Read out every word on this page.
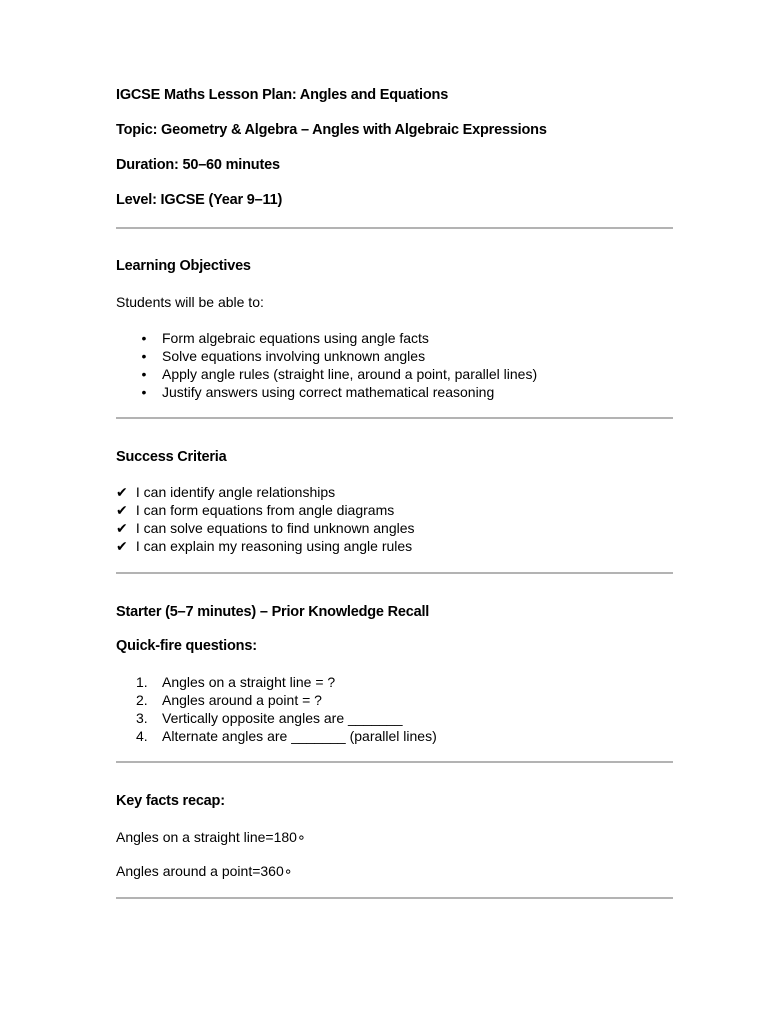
IGCSE Maths Lesson Plan: Angles and Equations
Topic: Geometry & Algebra – Angles with Algebraic Expressions
Duration: 50–60 minutes
Level: IGCSE (Year 9–11)
Learning Objectives
Students will be able to:
• Form algebraic equations using angle facts
• Solve equations involving unknown angles
• Apply angle rules (straight line, around a point, parallel lines)
• Justify answers using correct mathematical reasoning
Success Criteria
✔ I can identify angle relationships
✔ I can form equations from angle diagrams
✔ I can solve equations to find unknown angles
✔ I can explain my reasoning using angle rules
Starter (5–7 minutes) – Prior Knowledge Recall
Quick-fire questions:
1.	Angles on a straight line = ?
2.	Angles around a point = ?
3.	Vertically opposite angles are _______
4.	Alternate angles are _______ (parallel lines)
Key facts recap:
Angles on a straight line=180∘
Angles around a point=360∘
